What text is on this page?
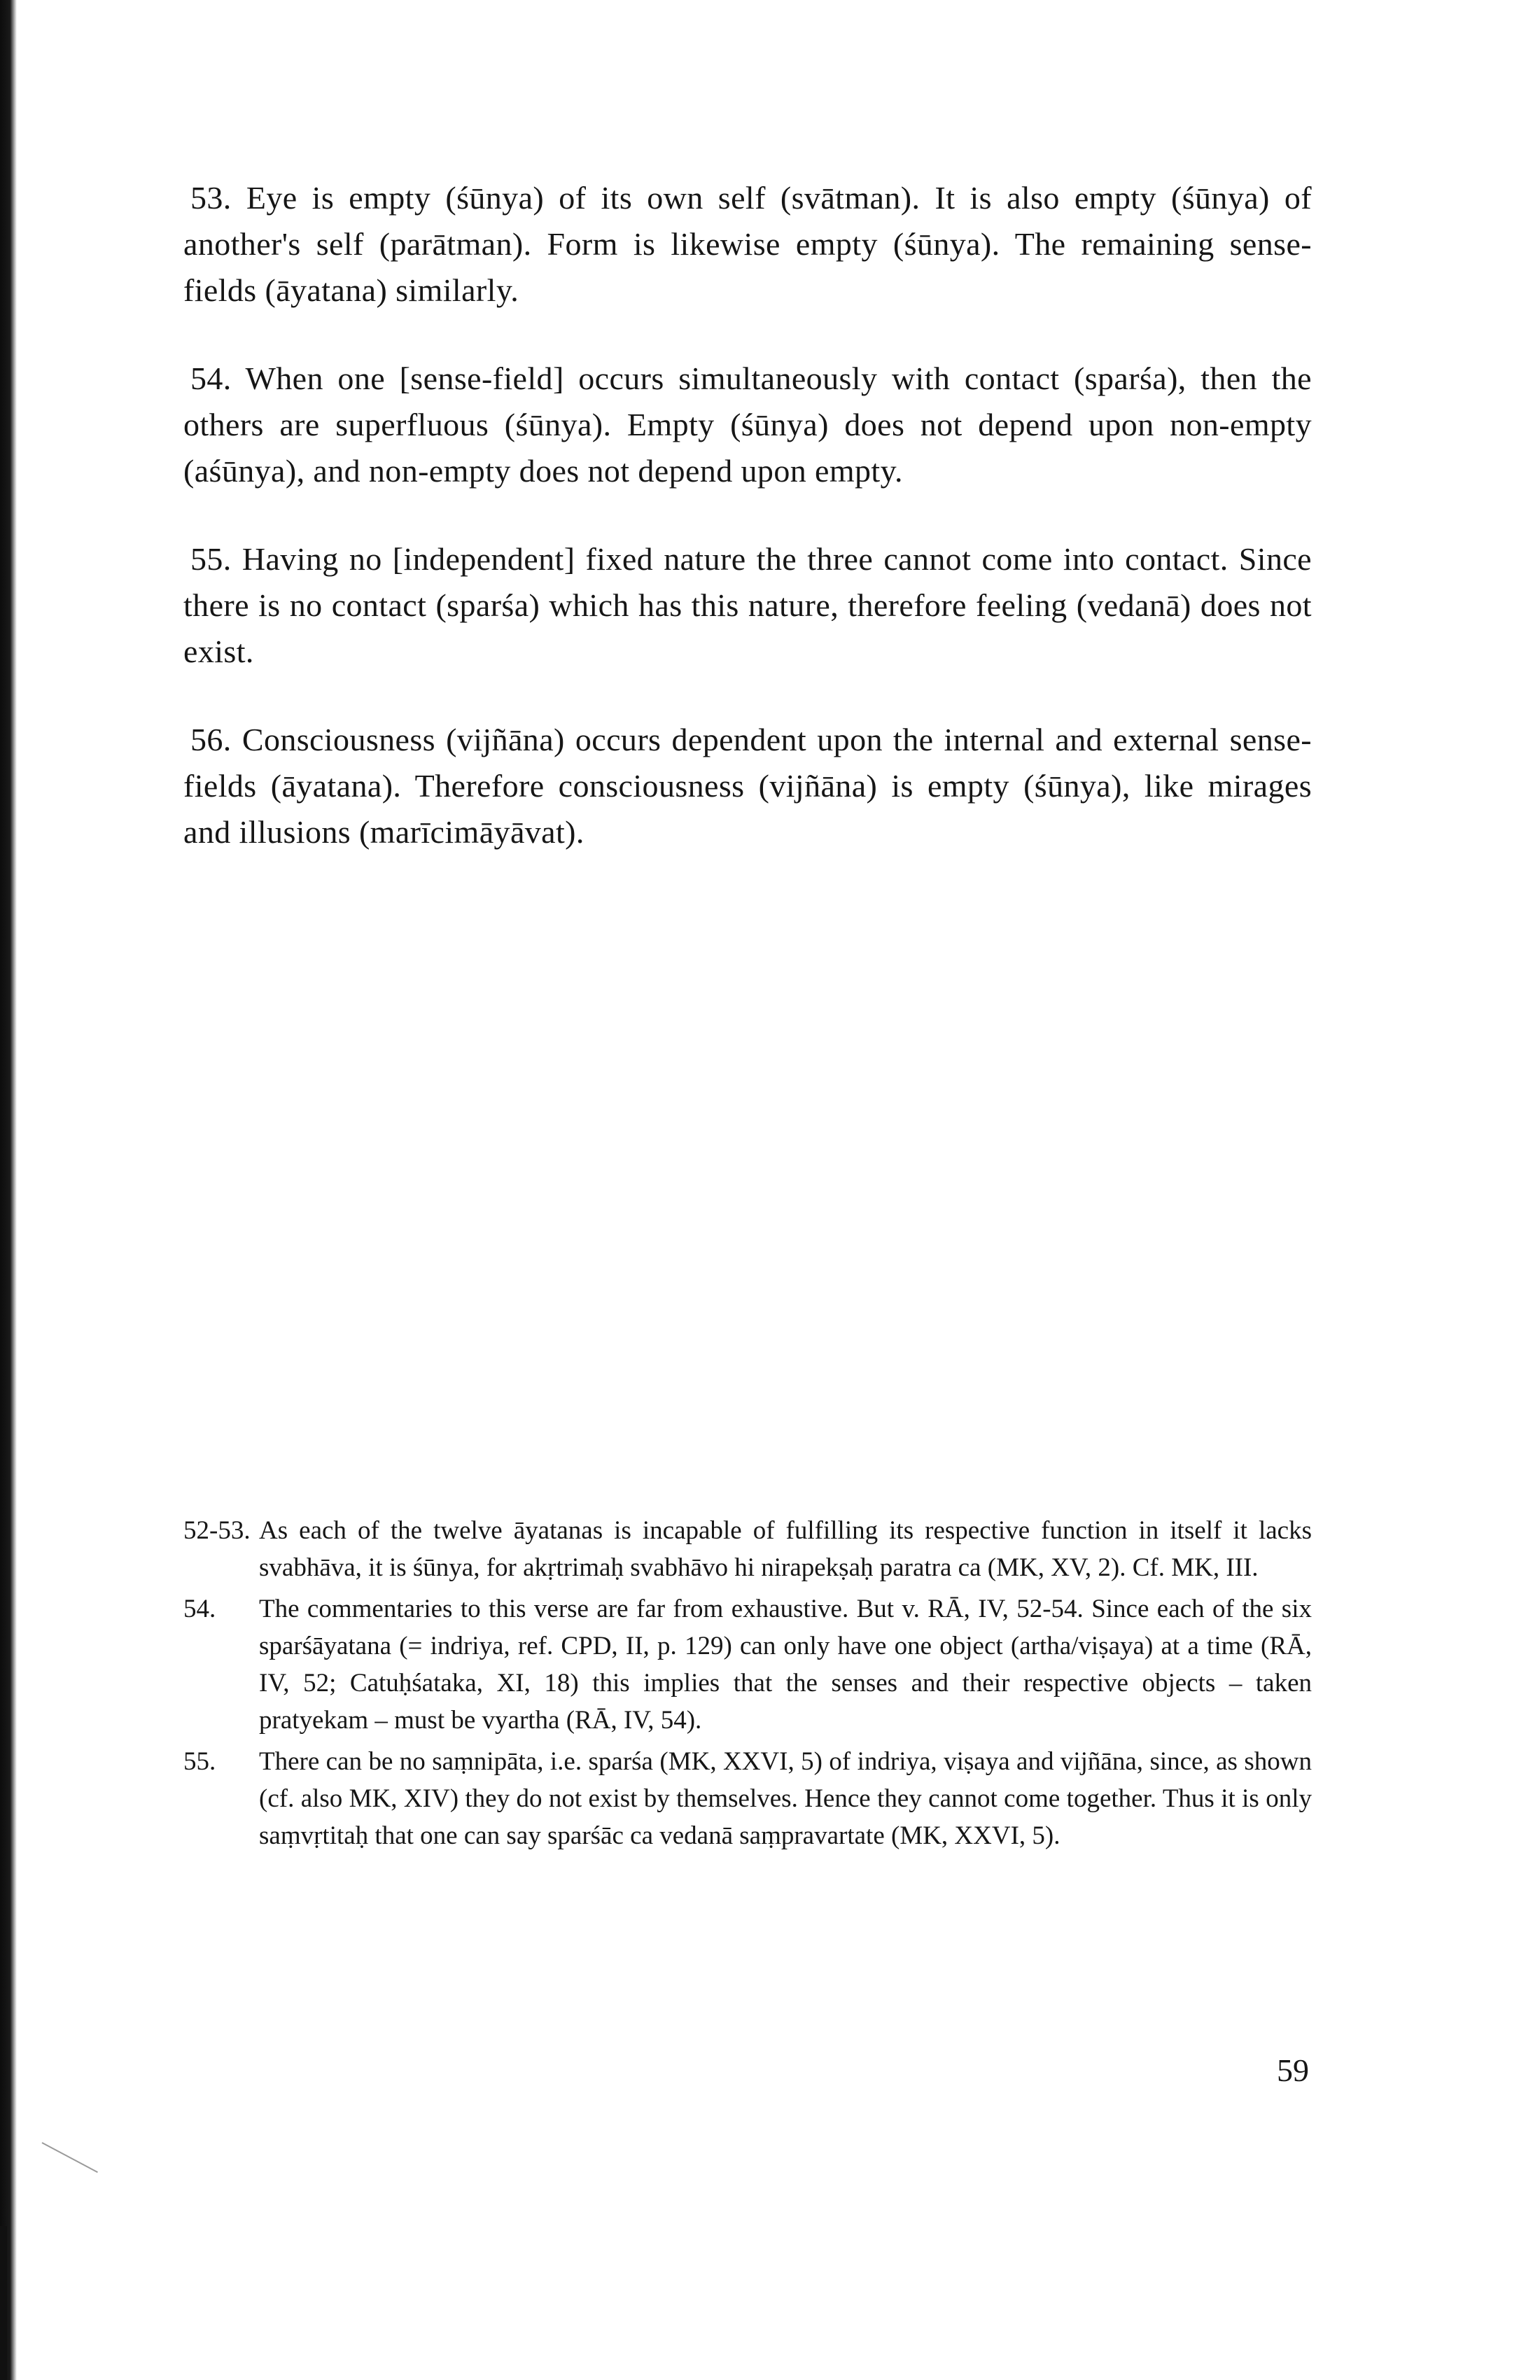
53. Eye is empty (śūnya) of its own self (svātman). It is also empty (śūnya) of another's self (parātman). Form is likewise empty (śūnya). The remaining sense-fields (āyatana) similarly.

54. When one [sense-field] occurs simultaneously with contact (sparśa), then the others are superfluous (śūnya). Empty (śūnya) does not depend upon non-empty (aśūnya), and non-empty does not depend upon empty.

55. Having no [independent] fixed nature the three cannot come into contact. Since there is no contact (sparśa) which has this nature, therefore feeling (vedanā) does not exist.

56. Consciousness (vijñāna) occurs dependent upon the internal and external sense-fields (āyatana). Therefore consciousness (vijñāna) is empty (śūnya), like mirages and illusions (marīcimāyāvat).

52-53. As each of the twelve āyatanas is incapable of fulfilling its respective function in itself it lacks svabhāva, it is śūnya, for akṛtrimaḥ svabhāvo hi nirapekṣaḥ paratra ca (MK, XV, 2). Cf. MK, III.
54. The commentaries to this verse are far from exhaustive. But v. RĀ, IV, 52-54. Since each of the six sparśāyatana (= indriya, ref. CPD, II, p. 129) can only have one object (artha/viṣaya) at a time (RĀ, IV, 52; Catuḥśataka, XI, 18) this implies that the senses and their respective objects – taken pratyekam – must be vyartha (RĀ, IV, 54).
55. There can be no saṃnipāta, i.e. sparśa (MK, XXVI, 5) of indriya, viṣaya and vijñāna, since, as shown (cf. also MK, XIV) they do not exist by themselves. Hence they cannot come together. Thus it is only saṃvṛtitaḥ that one can say sparśāc ca vedanā saṃpravartate (MK, XXVI, 5).
59
